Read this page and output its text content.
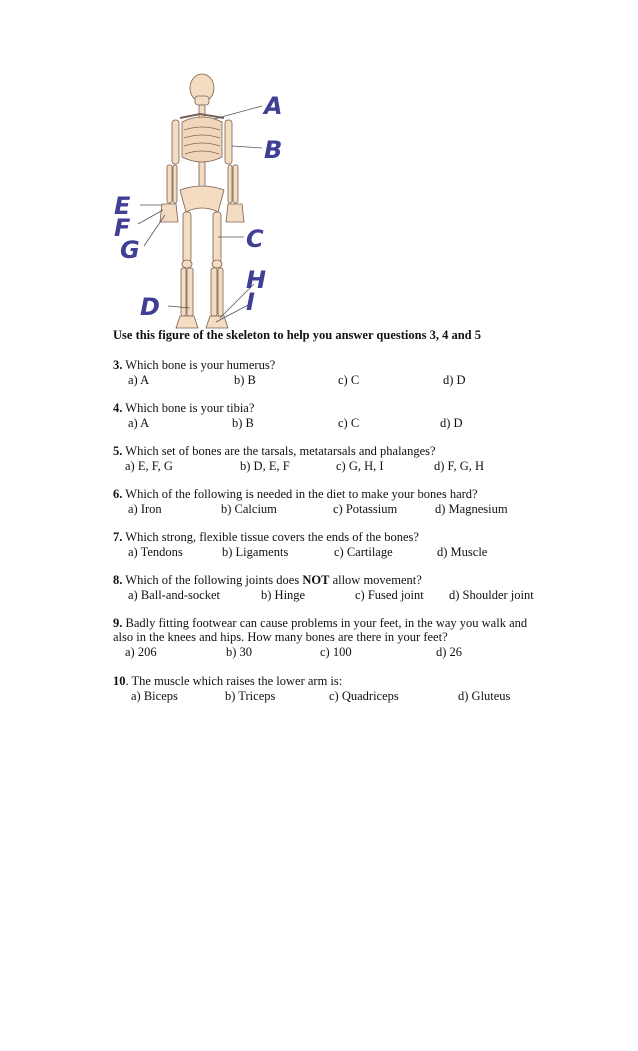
A
B
C
D
E
F
G
H
I
Use this figure of the skeleton to help you answer questions 3, 4 and 5
3. Which bone is your humerus?
a) A	b) B	c) C	d) D
4. Which bone is your tibia?
a) A	b) B	c) C	d) D
5. Which set of bones are the tarsals, metatarsals and phalanges?
a) E, F, G	b) D, E, F	c) G, H, I	d) F, G, H
6. Which of the following is needed in the diet to make your bones hard?
a) Iron	b) Calcium	c) Potassium	d) Magnesium
7. Which strong, flexible tissue covers the ends of the bones?
a) Tendons	b) Ligaments	c) Cartilage	d) Muscle
8. Which of the following joints does NOT allow movement?
a) Ball-and-socket	b) Hinge	c) Fused joint d) Shoulder joint
9. Badly fitting footwear can cause problems in your feet, in the way you walk and also in the knees and hips. How many bones are there in your feet?
a) 206	b) 30	c) 100	d) 26
10. The muscle which raises the lower arm is:
a) Biceps	b) Triceps	c) Quadriceps	d) Gluteus
